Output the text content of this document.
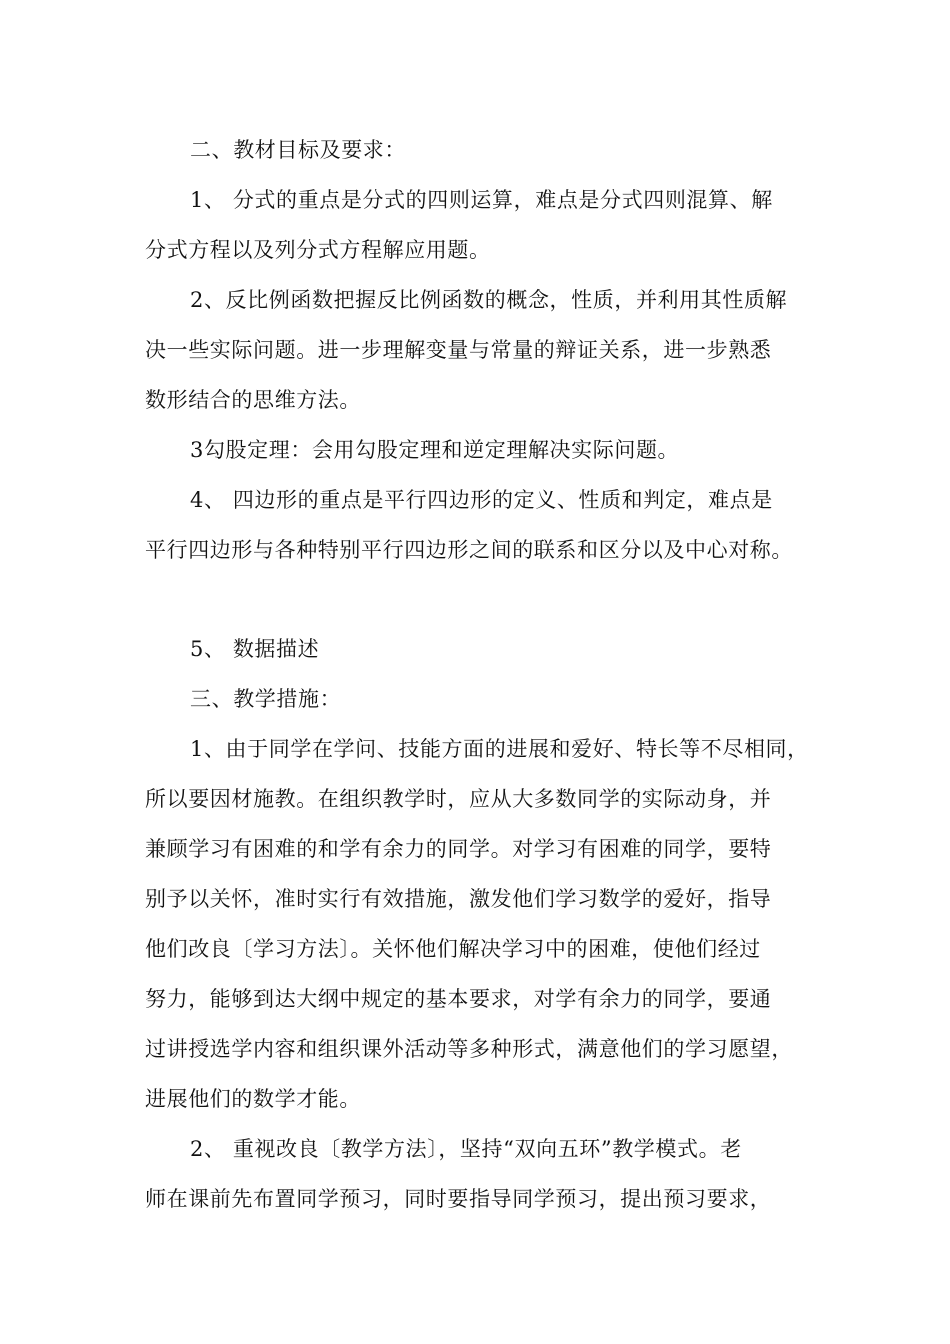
二、教材目标及要求：
1、 分式的重点是分式的四则运算，难点是分式四则混算、解
分式方程以及列分式方程解应用题。
2、反比例函数把握反比例函数的概念，性质，并利用其性质解
决一些实际问题。进一步理解变量与常量的辩证关系，进一步熟悉
数形结合的思维方法。
3勾股定理：会用勾股定理和逆定理解决实际问题。
4、 四边形的重点是平行四边形的定义、性质和判定，难点是
平行四边形与各种特别平行四边形之间的联系和区分以及中心对称。
5、 数据描述
三、教学措施：
1、由于同学在学问、技能方面的进展和爱好、特长等不尽相同，
所以要因材施教。在组织教学时，应从大多数同学的实际动身，并
兼顾学习有困难的和学有余力的同学。对学习有困难的同学，要特
别予以关怀，准时实行有效措施，激发他们学习数学的爱好，指导
他们改良〔学习方法〕。关怀他们解决学习中的困难，使他们经过
努力，能够到达大纲中规定的基本要求，对学有余力的同学，要通
过讲授选学内容和组织课外活动等多种形式，满意他们的学习愿望，
进展他们的数学才能。
2、 重视改良〔教学方法〕，坚持“双向五环”教学模式。老
师在课前先布置同学预习，同时要指导同学预习，提出预习要求，
